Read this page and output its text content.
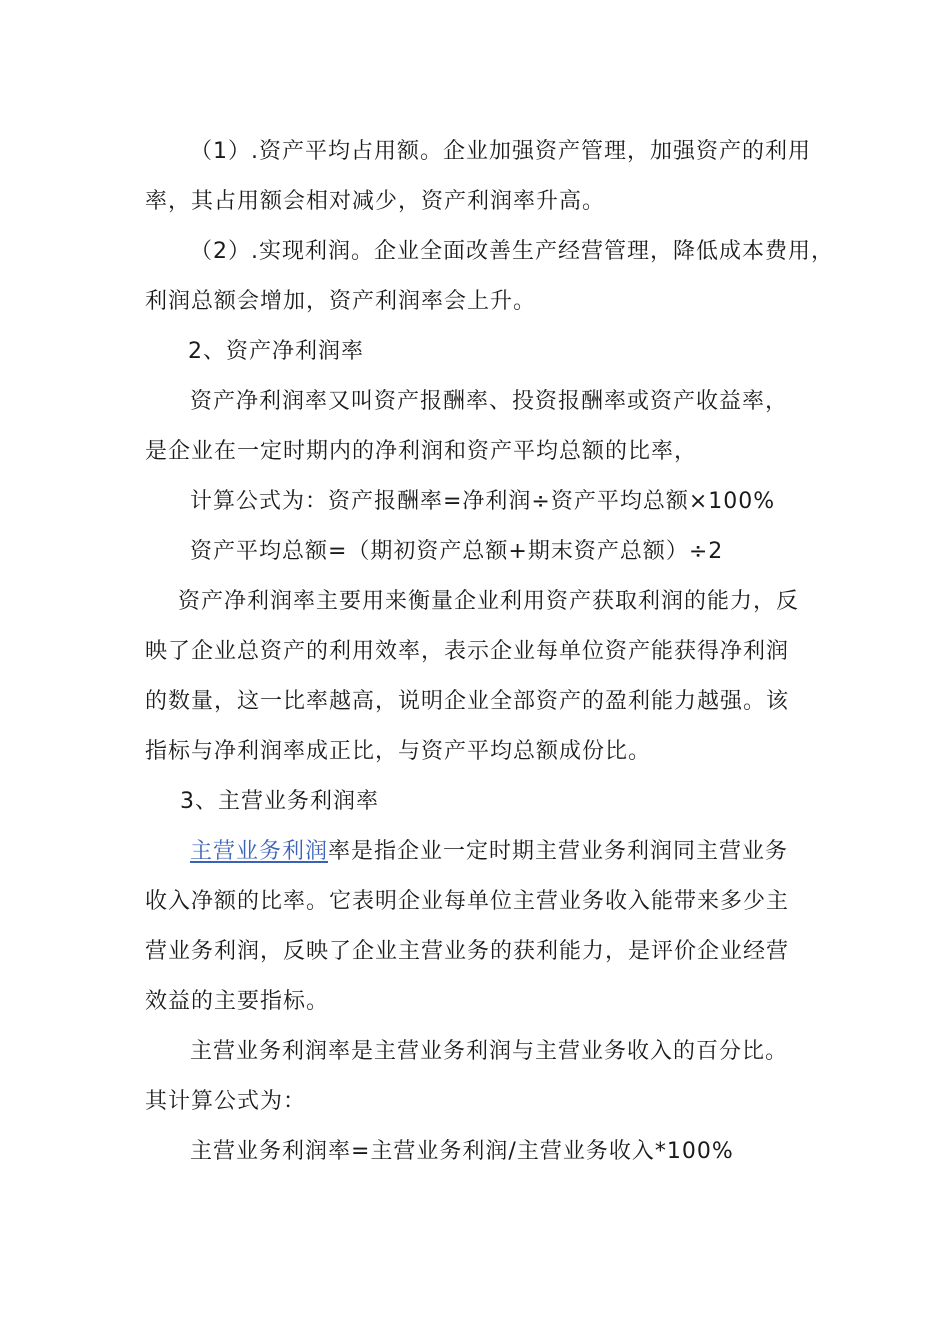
（1）.资产平均占用额。企业加强资产管理，加强资产的利用
率，其占用额会相对减少，资产利润率升高。
（2）.实现利润。企业全面改善生产经营管理，降低成本费用，
利润总额会增加，资产利润率会上升。
2、资产净利润率
资产净利润率又叫资产报酬率、投资报酬率或资产收益率，
是企业在一定时期内的净利润和资产平均总额的比率，
计算公式为：资产报酬率=净利润÷资产平均总额×100%
资产平均总额=（期初资产总额+期末资产总额）÷2
资产净利润率主要用来衡量企业利用资产获取利润的能力，反
映了企业总资产的利用效率，表示企业每单位资产能获得净利润
的数量，这一比率越高，说明企业全部资产的盈利能力越强。该
指标与净利润率成正比，与资产平均总额成份比。
3、主营业务利润率
主营业务利润率是指企业一定时期主营业务利润同主营业务
收入净额的比率。它表明企业每单位主营业务收入能带来多少主
营业务利润，反映了企业主营业务的获利能力，是评价企业经营
效益的主要指标。
主营业务利润率是主营业务利润与主营业务收入的百分比。
其计算公式为：
主营业务利润率=主营业务利润/主营业务收入*100%
